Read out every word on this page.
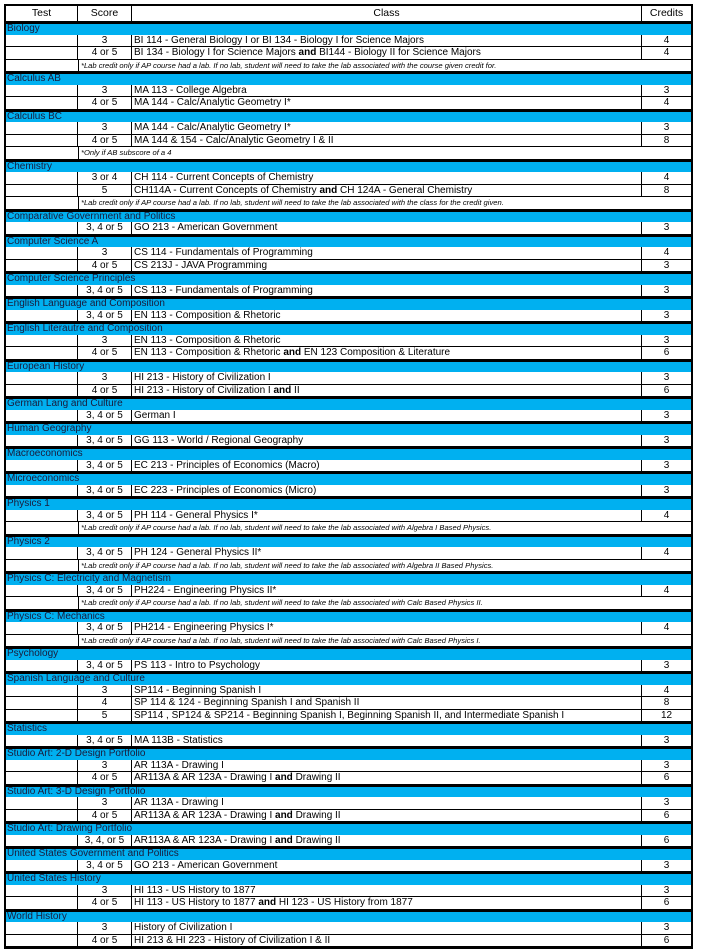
Test	Score	Class	Credits
Biology
3	BI 114 - General Biology I or BI 134 - Biology I for Science Majors	4
4 or 5	BI 134 - Biology I for Science Majors and BI144 - Biology II for Science Majors	4
*Lab credit only if AP course had a lab. If no lab, student will need to take the lab associated with the course given credit for.
Calculus AB
3	MA 113 - College Algebra	3
4 or 5	MA 144 - Calc/Analytic Geometry I*	4
Calculus BC
3	MA 144 - Calc/Analytic Geometry I*	3
4 or 5	MA 144 & 154 - Calc/Analytic Geometry I & II	8
*Only if AB subscore of a 4
Chemistry
3 or 4	CH 114 - Current Concepts of Chemistry	4
5	CH114A - Current Concepts of Chemistry and CH 124A - General Chemistry	8
*Lab credit only if AP course had a lab. If no lab, student will need to take the lab associated with the class for the credit given.
Comparative Government and Politics
3, 4 or 5	GO 213 - American Government	3
Computer Science A
3	CS 114 - Fundamentals of Programming	4
4 or 5	CS 213J - JAVA Programming	3
Computer Science Principles
3, 4 or 5	CS 113 - Fundamentals of Programming	3
English Language and Composition
3, 4 or 5	EN 113 - Composition & Rhetoric	3
English Literautre and Composition
3	EN 113 - Composition & Rhetoric	3
4 or 5	EN 113 - Composition & Rhetoric and EN 123 Composition & Literature	6
European History
3	HI 213 - History of Civilization I	3
4 or 5	HI 213 - History of Civilization I and II	6
German Lang and Culture
3, 4 or 5	German I	3
Human Geography
3, 4 or 5	GG 113 - World / Regional Geography	3
Macroeconomics
3, 4 or 5	EC 213 - Principles of Economics (Macro)	3
Microeconomics
3, 4 or 5	EC 223 - Principles of Economics (Micro)	3
Physics 1
3, 4 or 5	PH 114 - General Physics I*	4
*Lab credit only if AP course had a lab. If no lab, student will need to take the lab associated with Algebra I Based Physics.
Physics 2
3, 4 or 5	PH 124 - General Physics II*	4
*Lab credit only if AP course had a lab. If no lab, student will need to take the lab associated with Algebra II Based Physics.
Physics C: Electricity and Magnetism
3, 4 or 5	PH224 - Engineering Physics II*	4
*Lab credit only if AP course had a lab. If no lab, student will need to take the lab associated with Calc Based Physics II.
Physics C: Mechanics
3, 4 or 5	PH214 - Engineering Physics I*	4
*Lab credit only if AP course had a lab. If no lab, student will need to take the lab associated with Calc Based Physics I.
Psychology
3, 4 or 5	PS 113 - Intro to Psychology	3
Spanish Language and Culture
3	SP114 - Beginning Spanish I	4
4	SP 114 & 124 - Beginning Spanish I and Spanish II	8
5	SP114 , SP124 & SP214 - Beginning Spanish I, Beginning Spanish II, and Intermediate Spanish I	12
Statistics
3, 4 or 5	MA 113B - Statistics	3
Studio Art: 2-D Design Portfolio
3	AR 113A - Drawing I	3
4 or 5	AR113A & AR 123A - Drawing I and Drawing II	6
Studio Art: 3-D Design Portfolio
3	AR 113A - Drawing I	3
4 or 5	AR113A & AR 123A - Drawing I and Drawing II	6
Studio Art: Drawing Portfolio
3, 4, or 5 AR113A & AR 123A - Drawing I and Drawing II	6
United States Government and Politics
3, 4 or 5	GO 213 - American Government	3
United States History
3	HI 113 - US History to 1877	3
4 or 5	HI 113 - US History to 1877 and HI 123 - US History from 1877	6
World History
3	History of Civilization I	3
4 or 5	HI 213 & HI 223 - History of Civilization I & II	6
